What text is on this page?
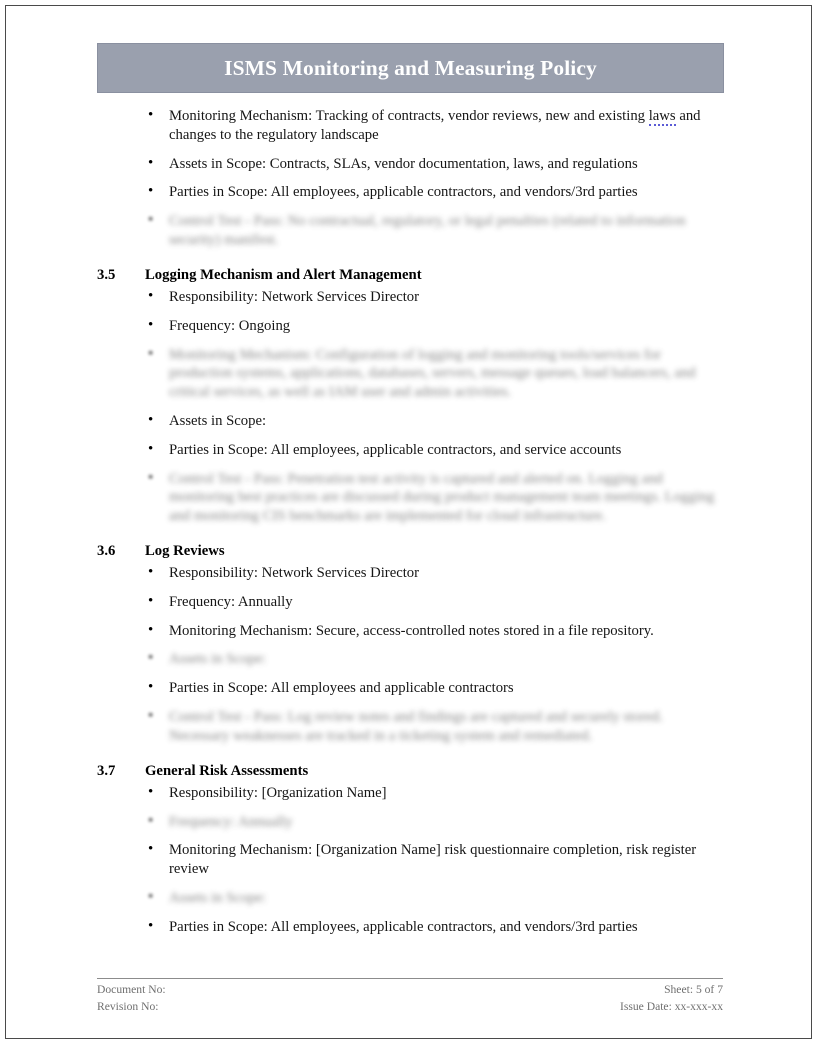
ISMS Monitoring and Measuring Policy
• Monitoring Mechanism: Tracking of contracts, vendor reviews, new and existing laws and changes to the regulatory landscape
• Assets in Scope: Contracts, SLAs, vendor documentation, laws, and regulations
• Parties in Scope: All employees, applicable contractors, and vendors/3rd parties
• Control Test - Pass: No contractual, regulatory, or legal penalties (related to information security) manifest.
3.5	Logging Mechanism and Alert Management
• Responsibility: Network Services Director
• Frequency: Ongoing
• Monitoring Mechanism: Configuration of logging and monitoring tools/services for production systems, applications, databases, servers, message queues, load balancers, and critical services, as well as IAM user and admin activities.
• Assets in Scope:
• Parties in Scope: All employees, applicable contractors, and service accounts
• Control Test - Pass: Penetration test activity is captured and alerted on. Logging and monitoring best practices are discussed during product management team meetings. Logging and monitoring CIS benchmarks are implemented for cloud infrastructure.
3.6	Log Reviews
• Responsibility: Network Services Director
• Frequency: Annually
• Monitoring Mechanism: Secure, access-controlled notes stored in a file repository.
• Assets in Scope:
• Parties in Scope: All employees and applicable contractors
• Control Test - Pass: Log review notes and findings are captured and securely stored. Necessary weaknesses are tracked in a ticketing system and remediated.
3.7	General Risk Assessments
• Responsibility: [Organization Name]
• Frequency: Annually
• Monitoring Mechanism: [Organization Name] risk questionnaire completion, risk register review
• Assets in Scope:
• Parties in Scope: All employees, applicable contractors, and vendors/3rd parties
Document No:
Revision No:
Sheet: 5 of 7
Issue Date: xx-xxx-xx
